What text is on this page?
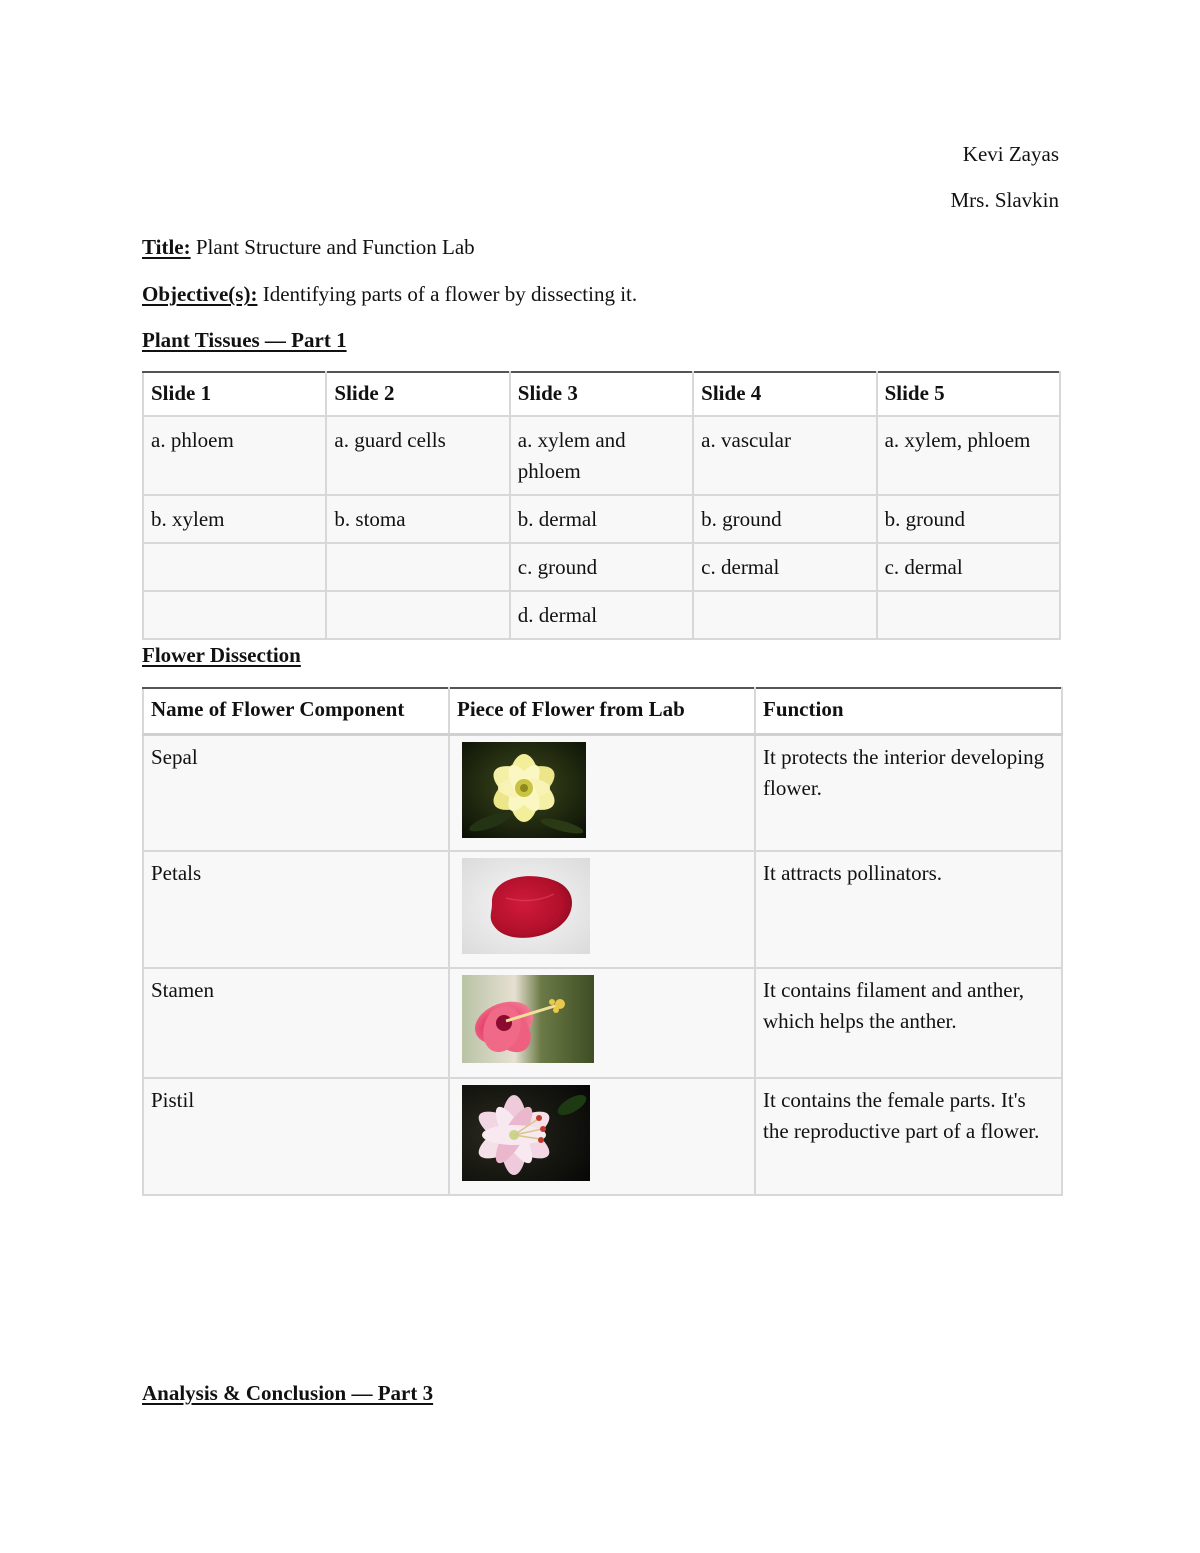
Kevi Zayas
Mrs. Slavkin
Title: Plant Structure and Function Lab
Objective(s): Identifying parts of a flower by dissecting it.
Plant Tissues — Part 1
Slide 1	Slide 2	Slide 3	Slide 4	Slide 5
a. phloem	a. guard cells	a. xylem and phloem	a. vascular	a. xylem, phloem
b. xylem	b. stoma	b. dermal	b. ground	b. ground
		c. ground	c. dermal	c. dermal
		d. dermal		
Flower Dissection
Name of Flower Component	Piece of Flower from Lab	Function
Sepal		It protects the interior developing flower.
Petals		It attracts pollinators.
Stamen		It contains filament and anther, which helps the anther.
Pistil		It contains the female parts. It's the reproductive part of a flower.
Analysis & Conclusion — Part 3
